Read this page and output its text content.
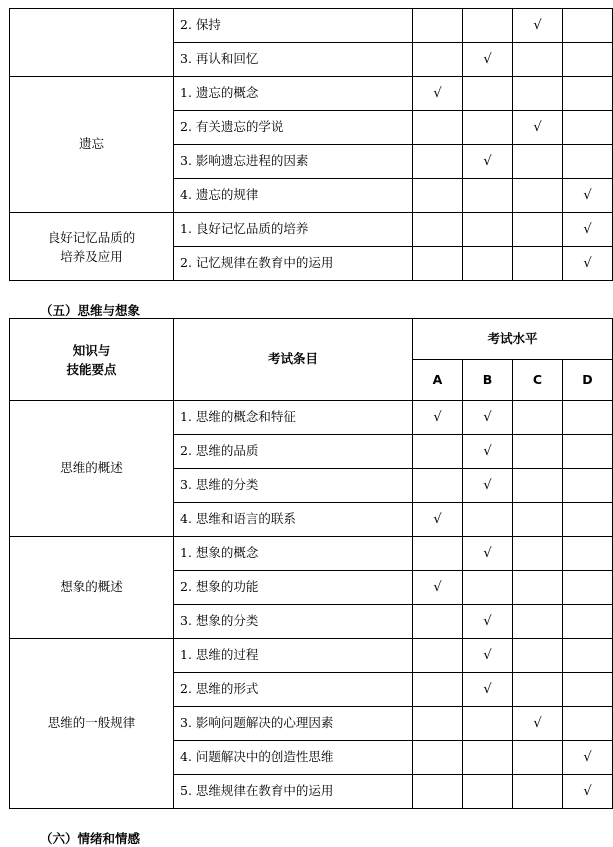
	2. 保持			√	
	3. 再认和回忆		√		
遗忘	1. 遗忘的概念	√			
	2. 有关遗忘的学说			√	
	3. 影响遗忘进程的因素		√		
	4. 遗忘的规律				√

良好记忆品质的
培养及应用	1. 良好记忆品质的培养				√
	2. 记忆规律在教育中的运用				√
（五）思维与想象
知识与
技能要点	考试条目	考试水平			
		A	B	C	D
思维的概述	1. 思维的概念和特征	√	√		
	2. 思维的品质		√		
	3. 思维的分类		√		
	4. 思维和语言的联系	√			
想象的概述	1. 想象的概念		√		
	2. 想象的功能	√			
	3. 想象的分类		√		
思维的一般规律	1. 思维的过程		√		
	2. 思维的形式		√		
	3. 影响问题解决的心理因素			√	
	4. 问题解决中的创造性思维				√
	5. 思维规律在教育中的运用				√
（六）情绪和情感
